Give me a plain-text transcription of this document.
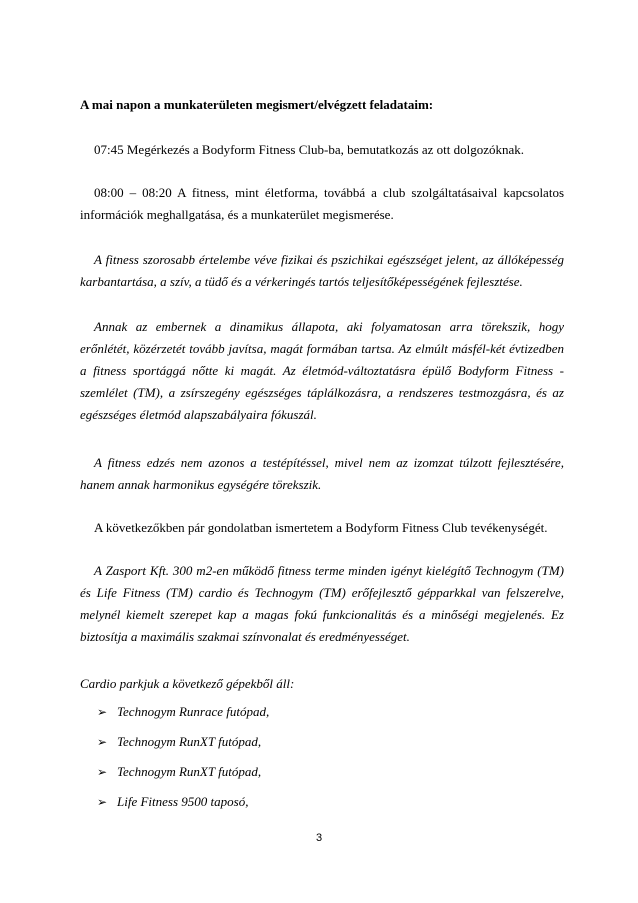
A mai napon a munkaterületen megismert/elvégzett feladataim:

07:45 Megérkezés a Bodyform Fitness Club-ba, bemutatkozás az ott dolgozóknak.

08:00 – 08:20 A fitness, mint életforma, továbbá a club szolgáltatásaival kapcsolatos információk meghallgatása, és a munkaterület megismerése.

A fitness szorosabb értelembe véve fizikai és pszichikai egészséget jelent, az állóképesség karbantartása, a szív, a tüdő és a vérkeringés tartós teljesítőképességének fejlesztése.

Annak az embernek a dinamikus állapota, aki folyamatosan arra törekszik, hogy erőnlétét, közérzetét tovább javítsa, magát formában tartsa. Az elmúlt másfél-két évtizedben a fitness sportággá nőtte ki magát. Az életmód-változtatásra épülő Bodyform Fitness - szemlélet (TM), a zsírszegény egészséges táplálkozásra, a rendszeres testmozgásra, és az egészséges életmód alapszabályaira fókuszál.

A fitness edzés nem azonos a testépítéssel, mivel nem az izomzat túlzott fejlesztésére, hanem annak harmonikus egységére törekszik.

A következőkben pár gondolatban ismertetem a Bodyform Fitness Club tevékenységét.

A Zasport Kft. 300 m2-en működő fitness terme minden igényt kielégítő Technogym (TM) és Life Fitness (TM) cardio és Technogym (TM) erőfejlesztő gépparkkal van felszerelve, melynél kiemelt szerepet kap a magas fokú funkcionalitás és a minőségi megjelenés. Ez biztosítja a maximális szakmai színvonalat és eredményességet.

Cardio parkjuk a következő gépekből áll:

➢ Technogym Runrace futópad,
➢ Technogym RunXT futópad,
➢ Technogym RunXT futópad,
➢ Life Fitness 9500 taposó,
3
